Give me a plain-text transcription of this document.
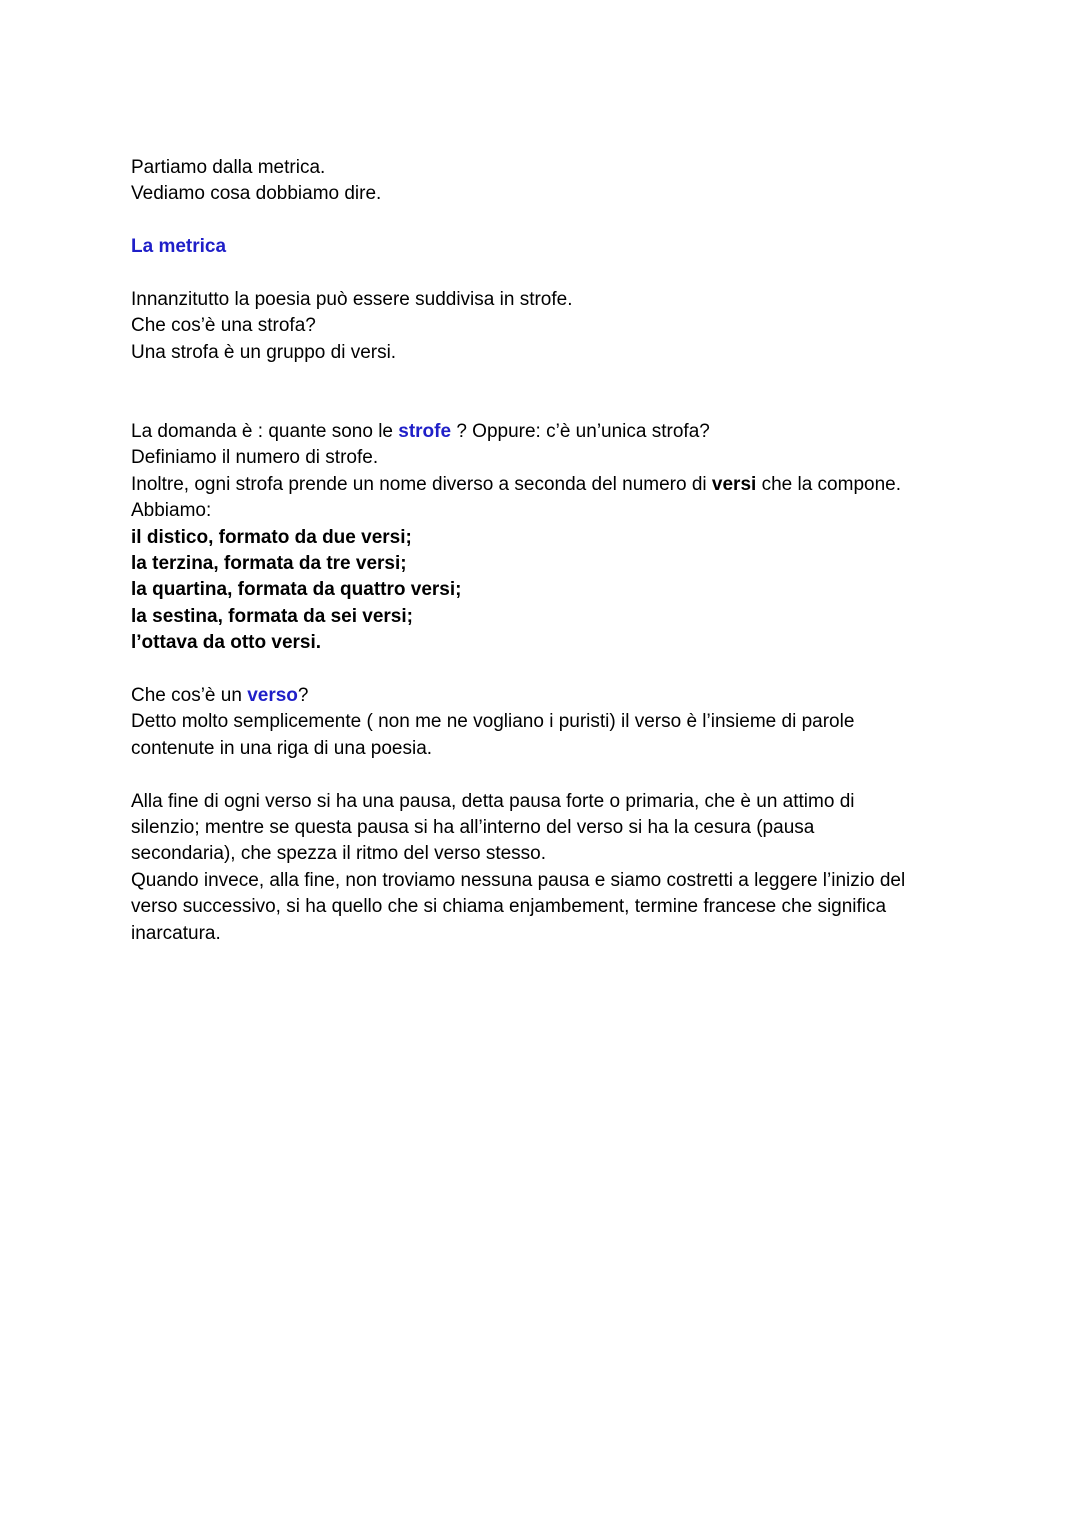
Partiamo dalla metrica.
Vediamo cosa dobbiamo dire.
La metrica
Innanzitutto la poesia può essere suddivisa in strofe.
Che cos’è una strofa?
Una strofa è un gruppo di versi.
La domanda è : quante sono le strofe ? Oppure: c’è un’unica strofa?
Definiamo il numero di strofe.
Inoltre, ogni strofa prende un nome diverso a seconda del numero di versi che la compone.
Abbiamo:
il distico, formato da due versi;
la terzina, formata da tre versi;
la quartina, formata da quattro versi;
la sestina, formata da sei versi;
l’ottava da otto versi.
Che cos’è un verso?
Detto molto semplicemente ( non me ne vogliano i puristi) il verso è l’insieme di parole
contenute in una riga di una poesia.
Alla fine di ogni verso si ha una pausa, detta pausa forte o primaria, che è un attimo di
silenzio; mentre se questa pausa si ha all’interno del verso si ha la cesura (pausa
secondaria), che spezza il ritmo del verso stesso.
Quando invece, alla fine, non troviamo nessuna pausa e siamo costretti a leggere l’inizio del
verso successivo, si ha quello che si chiama enjambement, termine francese che significa
inarcatura.
